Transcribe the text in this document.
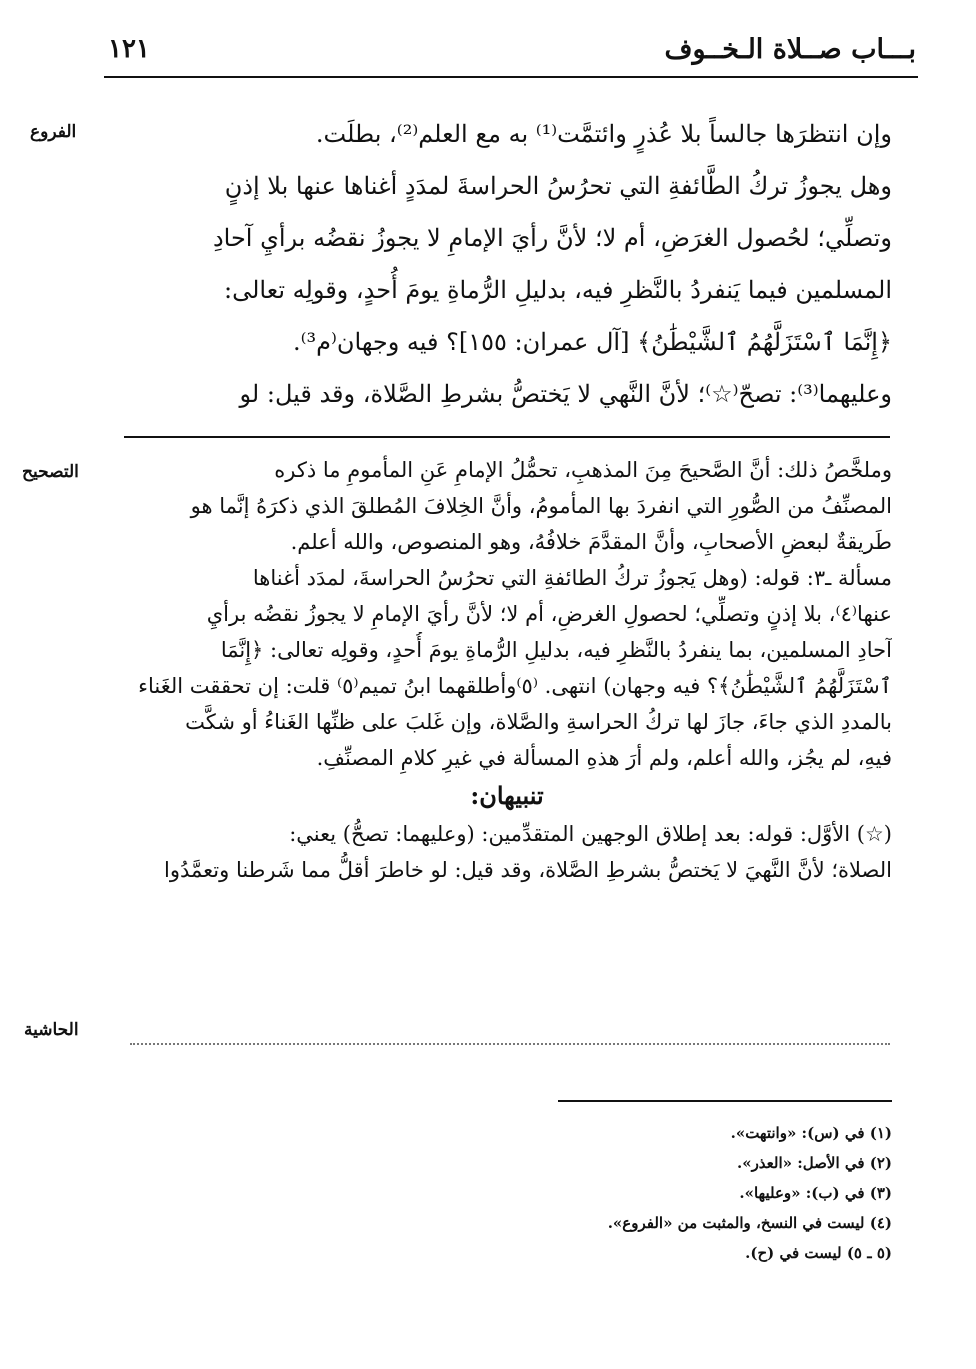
بـــاب صــلاة الـخــوف
١٢١
الفروع
التصحيح
الحاشية
وإن انتظرَها جالساً بلا عُذرٍ وائتمَّت⁽¹⁾ به مع العلم⁽²⁾، بطلَت.
وهل يجوزُ تركُ الطَّائفةِ التي تحرُسُ الحراسةَ لمدَدٍ أغناها عنها بلا إذنٍ
وتصلِّي؛ لحُصول الغرَضِ، أم لا؛ لأنَّ رأيَ الإمامِ لا يجوزُ نقضُه برأيِ آحادِ
المسلمين فيما يَنفردُ بالنَّظرِ فيه، بدليلِ الرُّماةِ يومَ أُحدٍ، وقولِه تعالى:
﴿إِنَّمَا ٱسْتَزَلَّهُمُ ٱلشَّيْطَٰنُ﴾ [آل عمران: ١٥٥]؟ فيه وجهان⁽م³⁾.
وعليهما⁽³⁾: تصحّ⁽☆⁾؛ لأنَّ النَّهي لا يَختصُّ بشرطِ الصَّلاة، وقد قيل: لو
وملخَّصُ ذلك: أنَّ الصَّحيحَ مِنَ المذهبِ، تحمُّلُ الإمامِ عَنِ المأمومِ ما ذكره
المصنِّفُ من الصُّورِ التي انفردَ بها المأمومُ، وأنَّ الخِلافَ المُطلقَ الذي ذكرَهُ إنَّما هو
طَريقةٌ لبعضِ الأصحابِ، وأنَّ المقدَّمَ خلافُهُ، وهو المنصوص، والله أعلم.
مسألة ـ٣: قوله: (وهل يَجوزُ تركُ الطائفةِ التي تحرُسُ الحراسةَ، لمدَد أغناها
عنها⁽٤⁾، بلا إذنٍ وتصلِّي؛ لحصولِ الغرضِ، أم لا؛ لأنَّ رأيَ الإمامِ لا يجوزُ نقضُه برأيِ
آحادِ المسلمين، بما ينفردُ بالنَّظرِ فيه، بدليلِ الرُّماةِ يومَ أُحدٍ، وقولِه تعالى: ﴿إِنَّمَا
ٱسْتَزَلَّهُمُ ٱلشَّيْطَٰنُ﴾؟ فيه وجهان) انتهى. ⁽٥⁾وأطلقهما ابنُ تميم⁽٥⁾ قلت: إن تحققت الغَناء
بالمددِ الذي جاءَ، جازَ لها تركُ الحراسةِ والصَّلاة، وإن غَلبَ على ظنِّها الغَناءُ أو شكَّت
فيهِ، لم يجُز، والله أعلم، ولم أرَ هذهِ المسألة في غيرِ كلامِ المصنِّفِ.
تنبيهان:
(☆) الأوَّل: قوله: بعد إطلاق الوجهين المتقدِّمين: (وعليهما: تصحُّ) يعني:
الصلاة؛ لأنَّ النَّهيَ لا يَختصُّ بشرطِ الصَّلاة، وقد قيل: لو خاطرَ أقلُّ مما شَرطنا وتعمَّدُوا
(١) في (س): «وانتهت».
(٢) في الأصل: «العذر».
(٣) في (ب): «وعليها».
(٤) ليست في النسخ، والمثبت من «الفروع».
(٥ ـ ٥) ليست في (ح).
